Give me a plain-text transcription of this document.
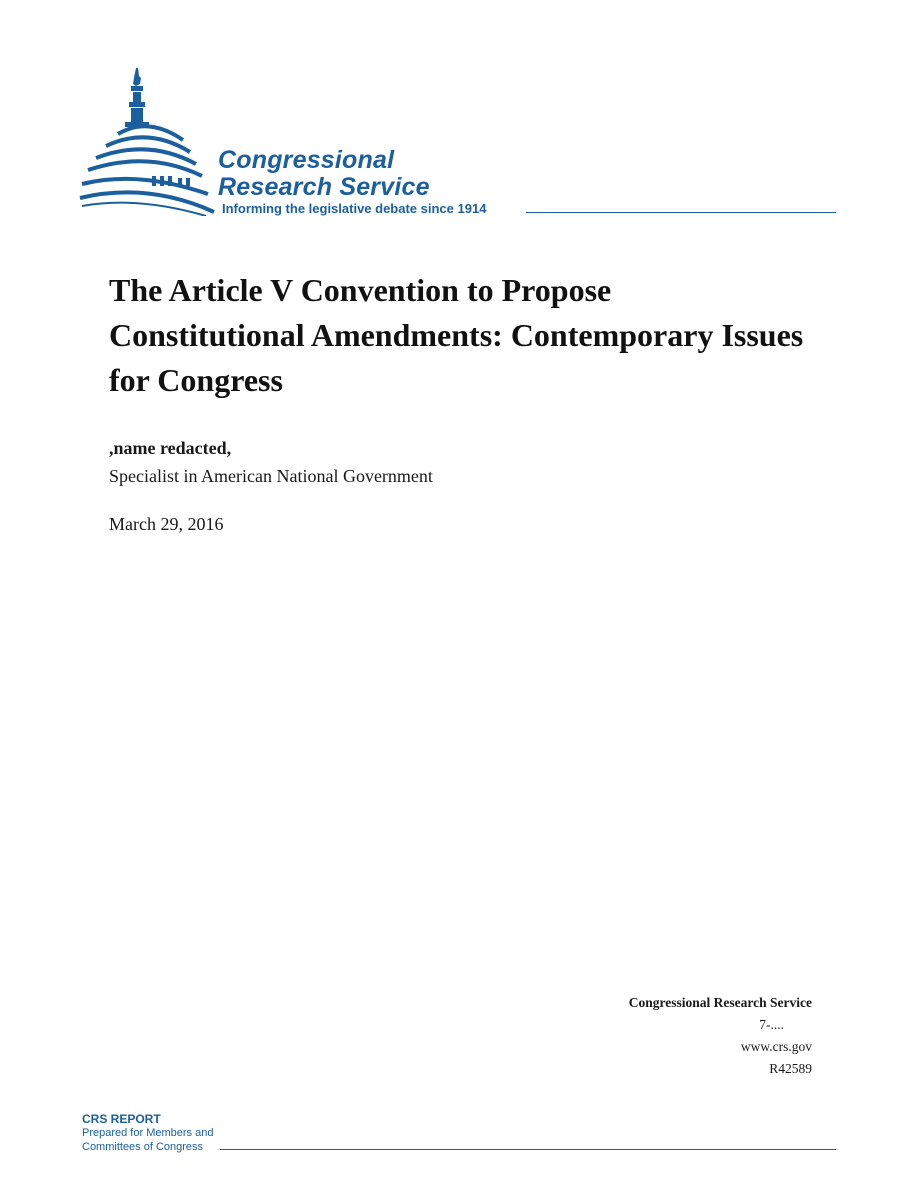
Congressional
Research Service
Informing the legislative debate since 1914
The Article V Convention to Propose Constitutional Amendments: Contemporary Issues for Congress
,name redacted,
Specialist in American National Government
March 29, 2016
Congressional Research Service
7-....
www.crs.gov
R42589
CRS REPORT
Prepared for Members and
Committees of Congress
